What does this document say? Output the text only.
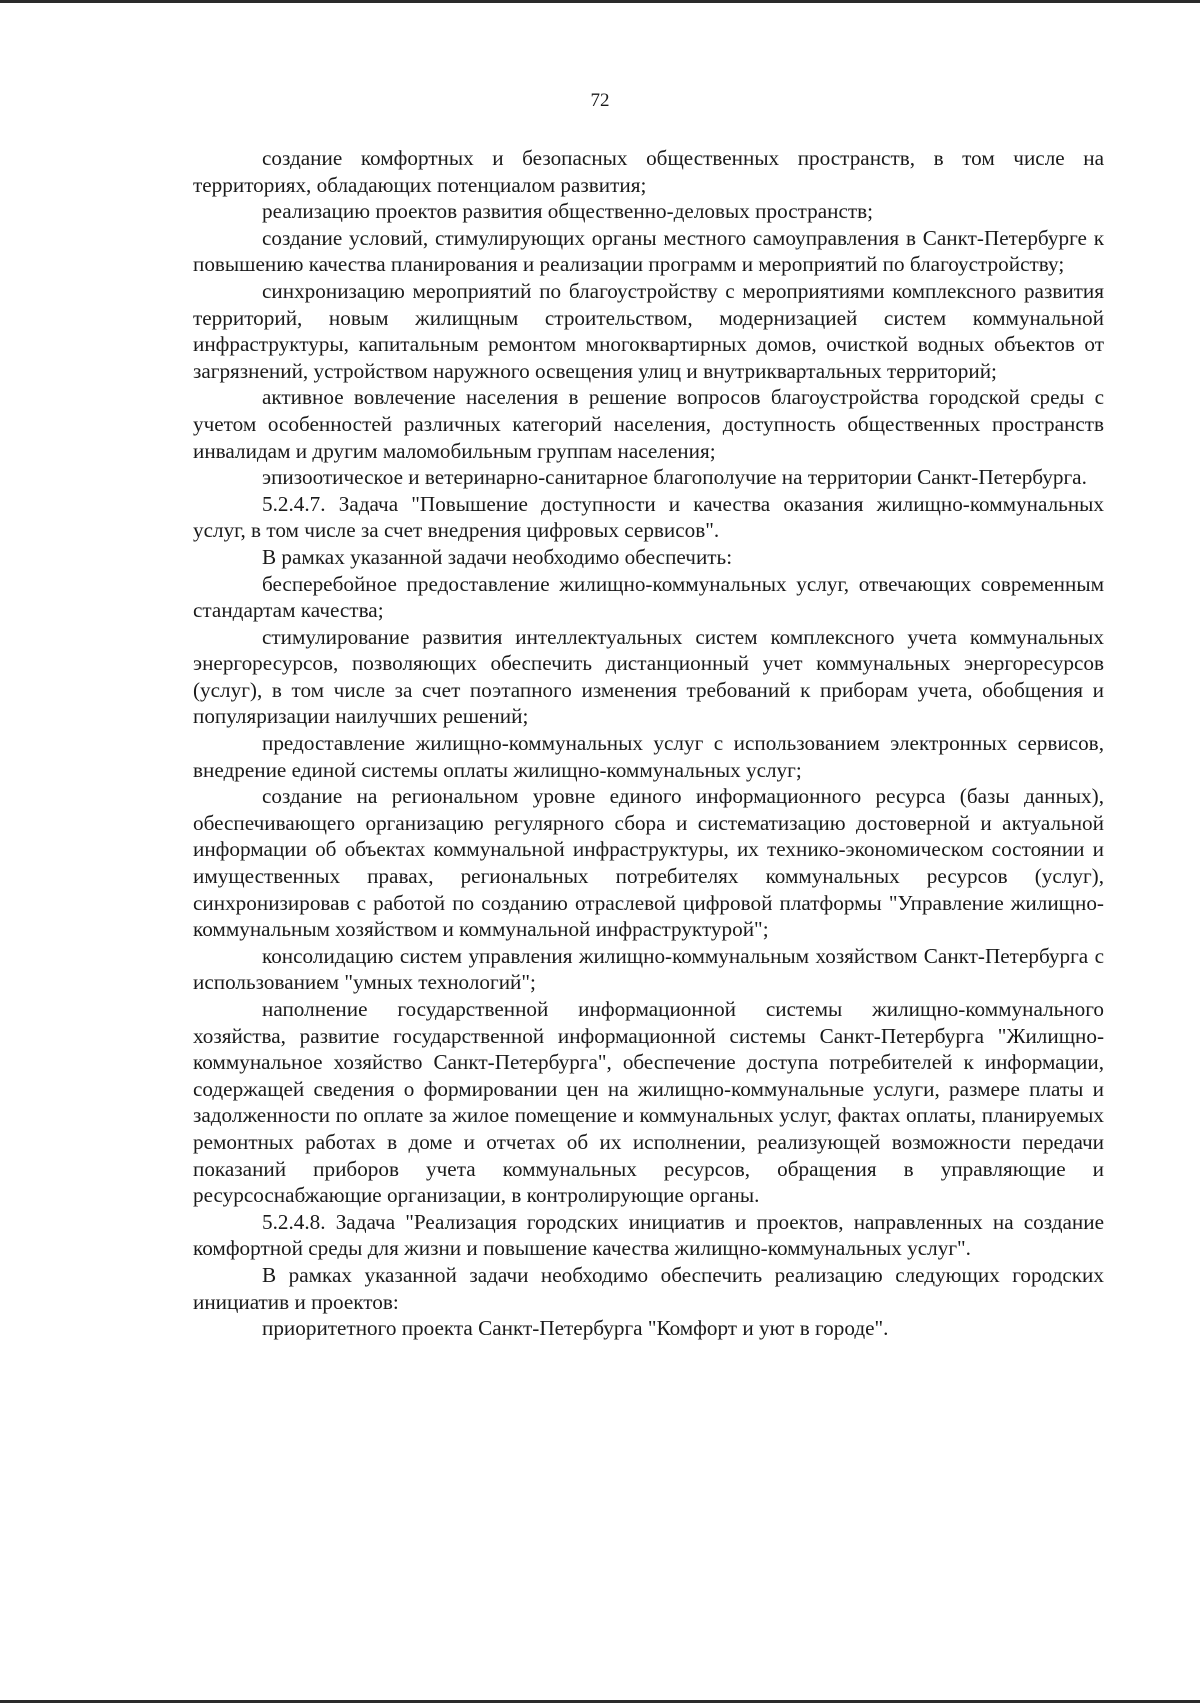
72

создание комфортных и безопасных общественных пространств, в том числе на территориях, обладающих потенциалом развития;

реализацию проектов развития общественно-деловых пространств;

создание условий, стимулирующих органы местного самоуправления в Санкт-Петербурге к повышению качества планирования и реализации программ и мероприятий по благоустройству;

синхронизацию мероприятий по благоустройству с мероприятиями комплексного развития территорий, новым жилищным строительством, модернизацией систем коммунальной инфраструктуры, капитальным ремонтом многоквартирных домов, очисткой водных объектов от загрязнений, устройством наружного освещения улиц и внутриквартальных территорий;

активное вовлечение населения в решение вопросов благоустройства городской среды с учетом особенностей различных категорий населения, доступность общественных пространств инвалидам и другим маломобильным группам населения;

эпизоотическое и ветеринарно-санитарное благополучие на территории Санкт-Петербурга.

5.2.4.7. Задача "Повышение доступности и качества оказания жилищно-коммунальных услуг, в том числе за счет внедрения цифровых сервисов".

В рамках указанной задачи необходимо обеспечить:

бесперебойное предоставление жилищно-коммунальных услуг, отвечающих современным стандартам качества;

стимулирование развития интеллектуальных систем комплексного учета коммунальных энергоресурсов, позволяющих обеспечить дистанционный учет коммунальных энергоресурсов (услуг), в том числе за счет поэтапного изменения требований к приборам учета, обобщения и популяризации наилучших решений;

предоставление жилищно-коммунальных услуг с использованием электронных сервисов, внедрение единой системы оплаты жилищно-коммунальных услуг;

создание на региональном уровне единого информационного ресурса (базы данных), обеспечивающего организацию регулярного сбора и систематизацию достоверной и актуальной информации об объектах коммунальной инфраструктуры, их технико-экономическом состоянии и имущественных правах, региональных потребителях коммунальных ресурсов (услуг), синхронизировав с работой по созданию отраслевой цифровой платформы "Управление жилищно-коммунальным хозяйством и коммунальной инфраструктурой";

консолидацию систем управления жилищно-коммунальным хозяйством Санкт-Петербурга с использованием "умных технологий";

наполнение государственной информационной системы жилищно-коммунального хозяйства, развитие государственной информационной системы Санкт-Петербурга "Жилищно-коммунальное хозяйство Санкт-Петербурга", обеспечение доступа потребителей к информации, содержащей сведения о формировании цен на жилищно-коммунальные услуги, размере платы и задолженности по оплате за жилое помещение и коммунальных услуг, фактах оплаты, планируемых ремонтных работах в доме и отчетах об их исполнении, реализующей возможности передачи показаний приборов учета коммунальных ресурсов, обращения в управляющие и ресурсоснабжающие организации, в контролирующие органы.

5.2.4.8. Задача "Реализация городских инициатив и проектов, направленных на создание комфортной среды для жизни и повышение качества жилищно-коммунальных услуг".

В рамках указанной задачи необходимо обеспечить реализацию следующих городских инициатив и проектов:

приоритетного проекта Санкт-Петербурга "Комфорт и уют в городе".
